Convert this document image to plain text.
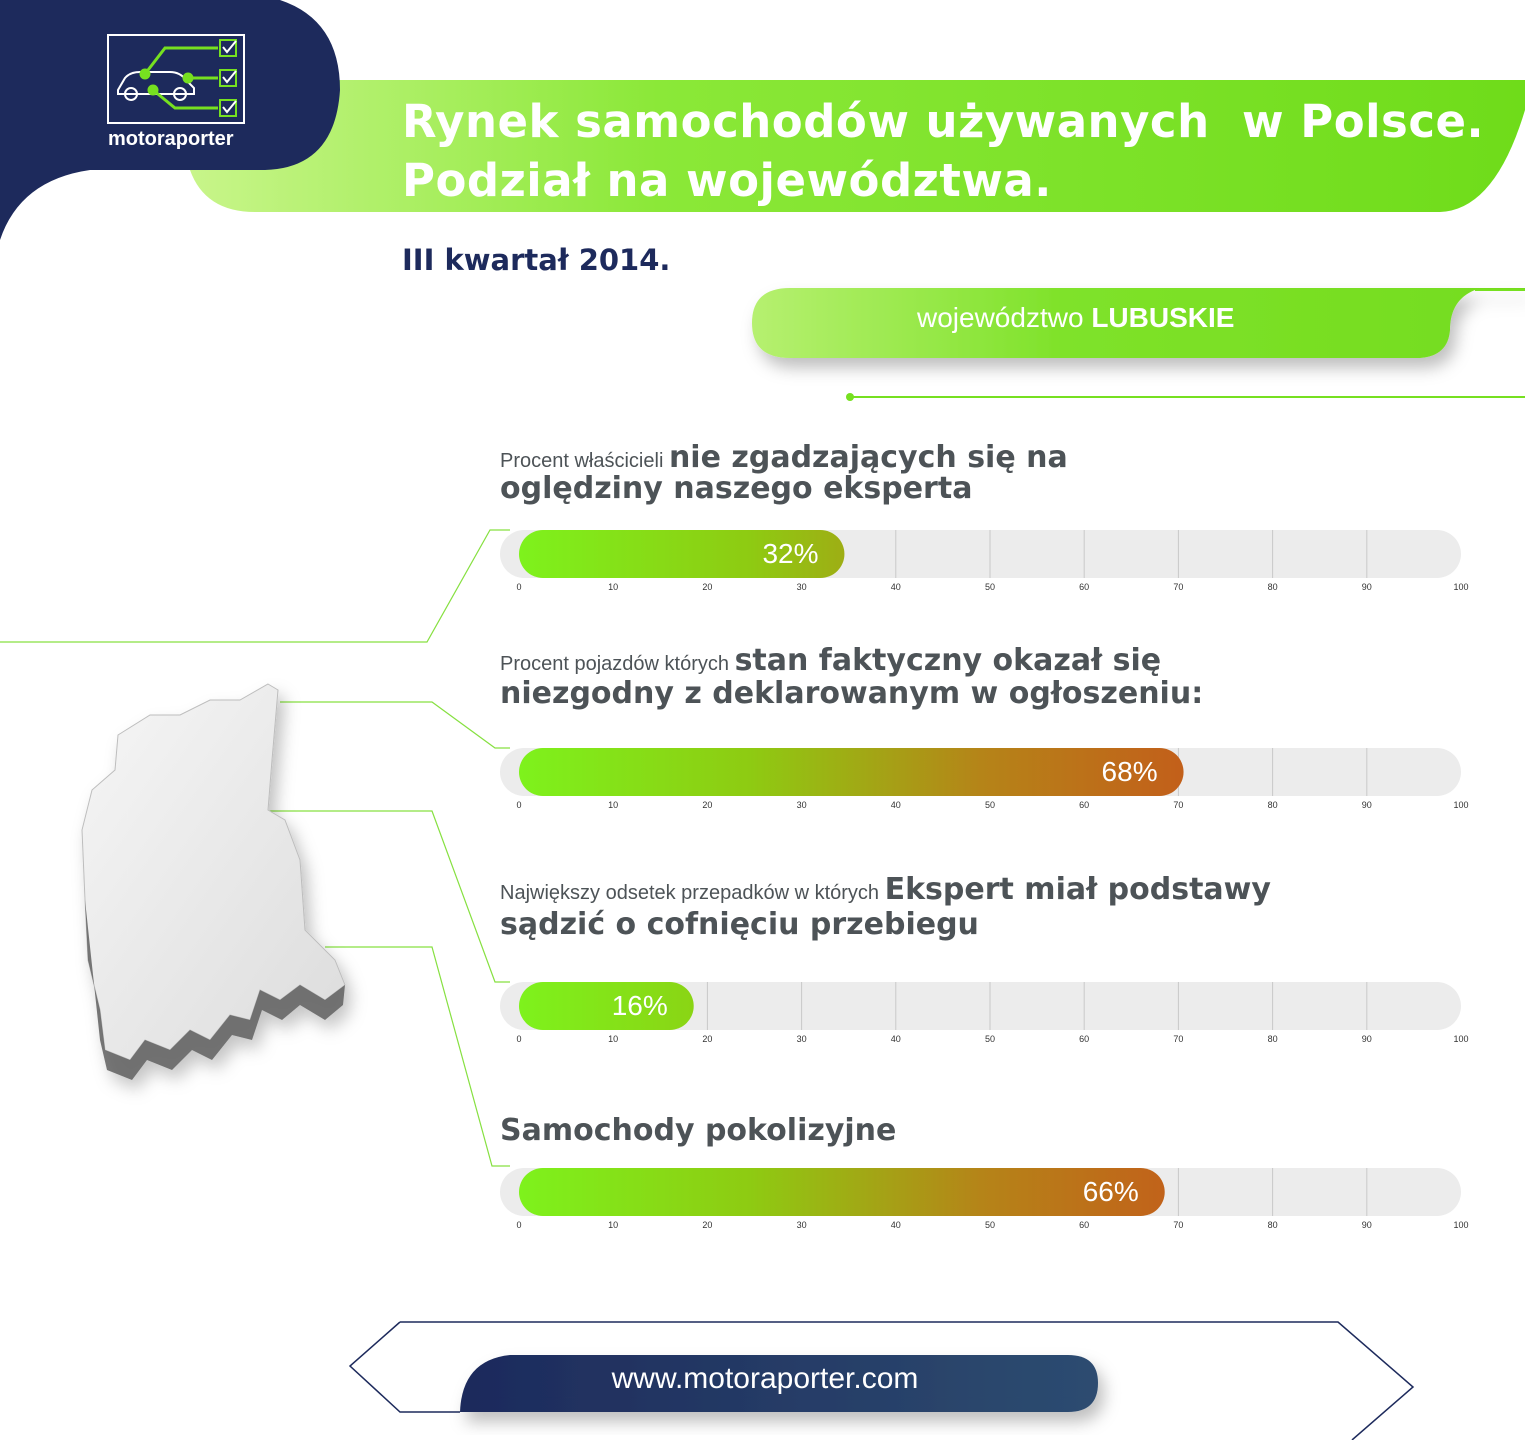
motoraporter	Rynek samochodów używanych  w Polsce.
Podział na województwa.
III kwartał 2014.
województwo LUBUSKIE
Procent właścicieli nie zgadzających się na
oględziny naszego eksperta
Procent pojazdów których stan faktyczny okazał się
niezgodny z deklarowanym w ogłoszeniu:
Największy odsetek przepadków w których Ekspert miał podstawy
sądzić o cofnięciu przebiegu
Samochody pokolizyjne
32%
0	10	20	30	40	50	60	70	80	90	100
68%
0	10	20	30	40	50	60	70	80	90	100
16%
0	10	20	30	40	50	60	70	80	90	100
66%
0	10	20	30	40	50	60	70	80	90	100
www.motoraporter.com
